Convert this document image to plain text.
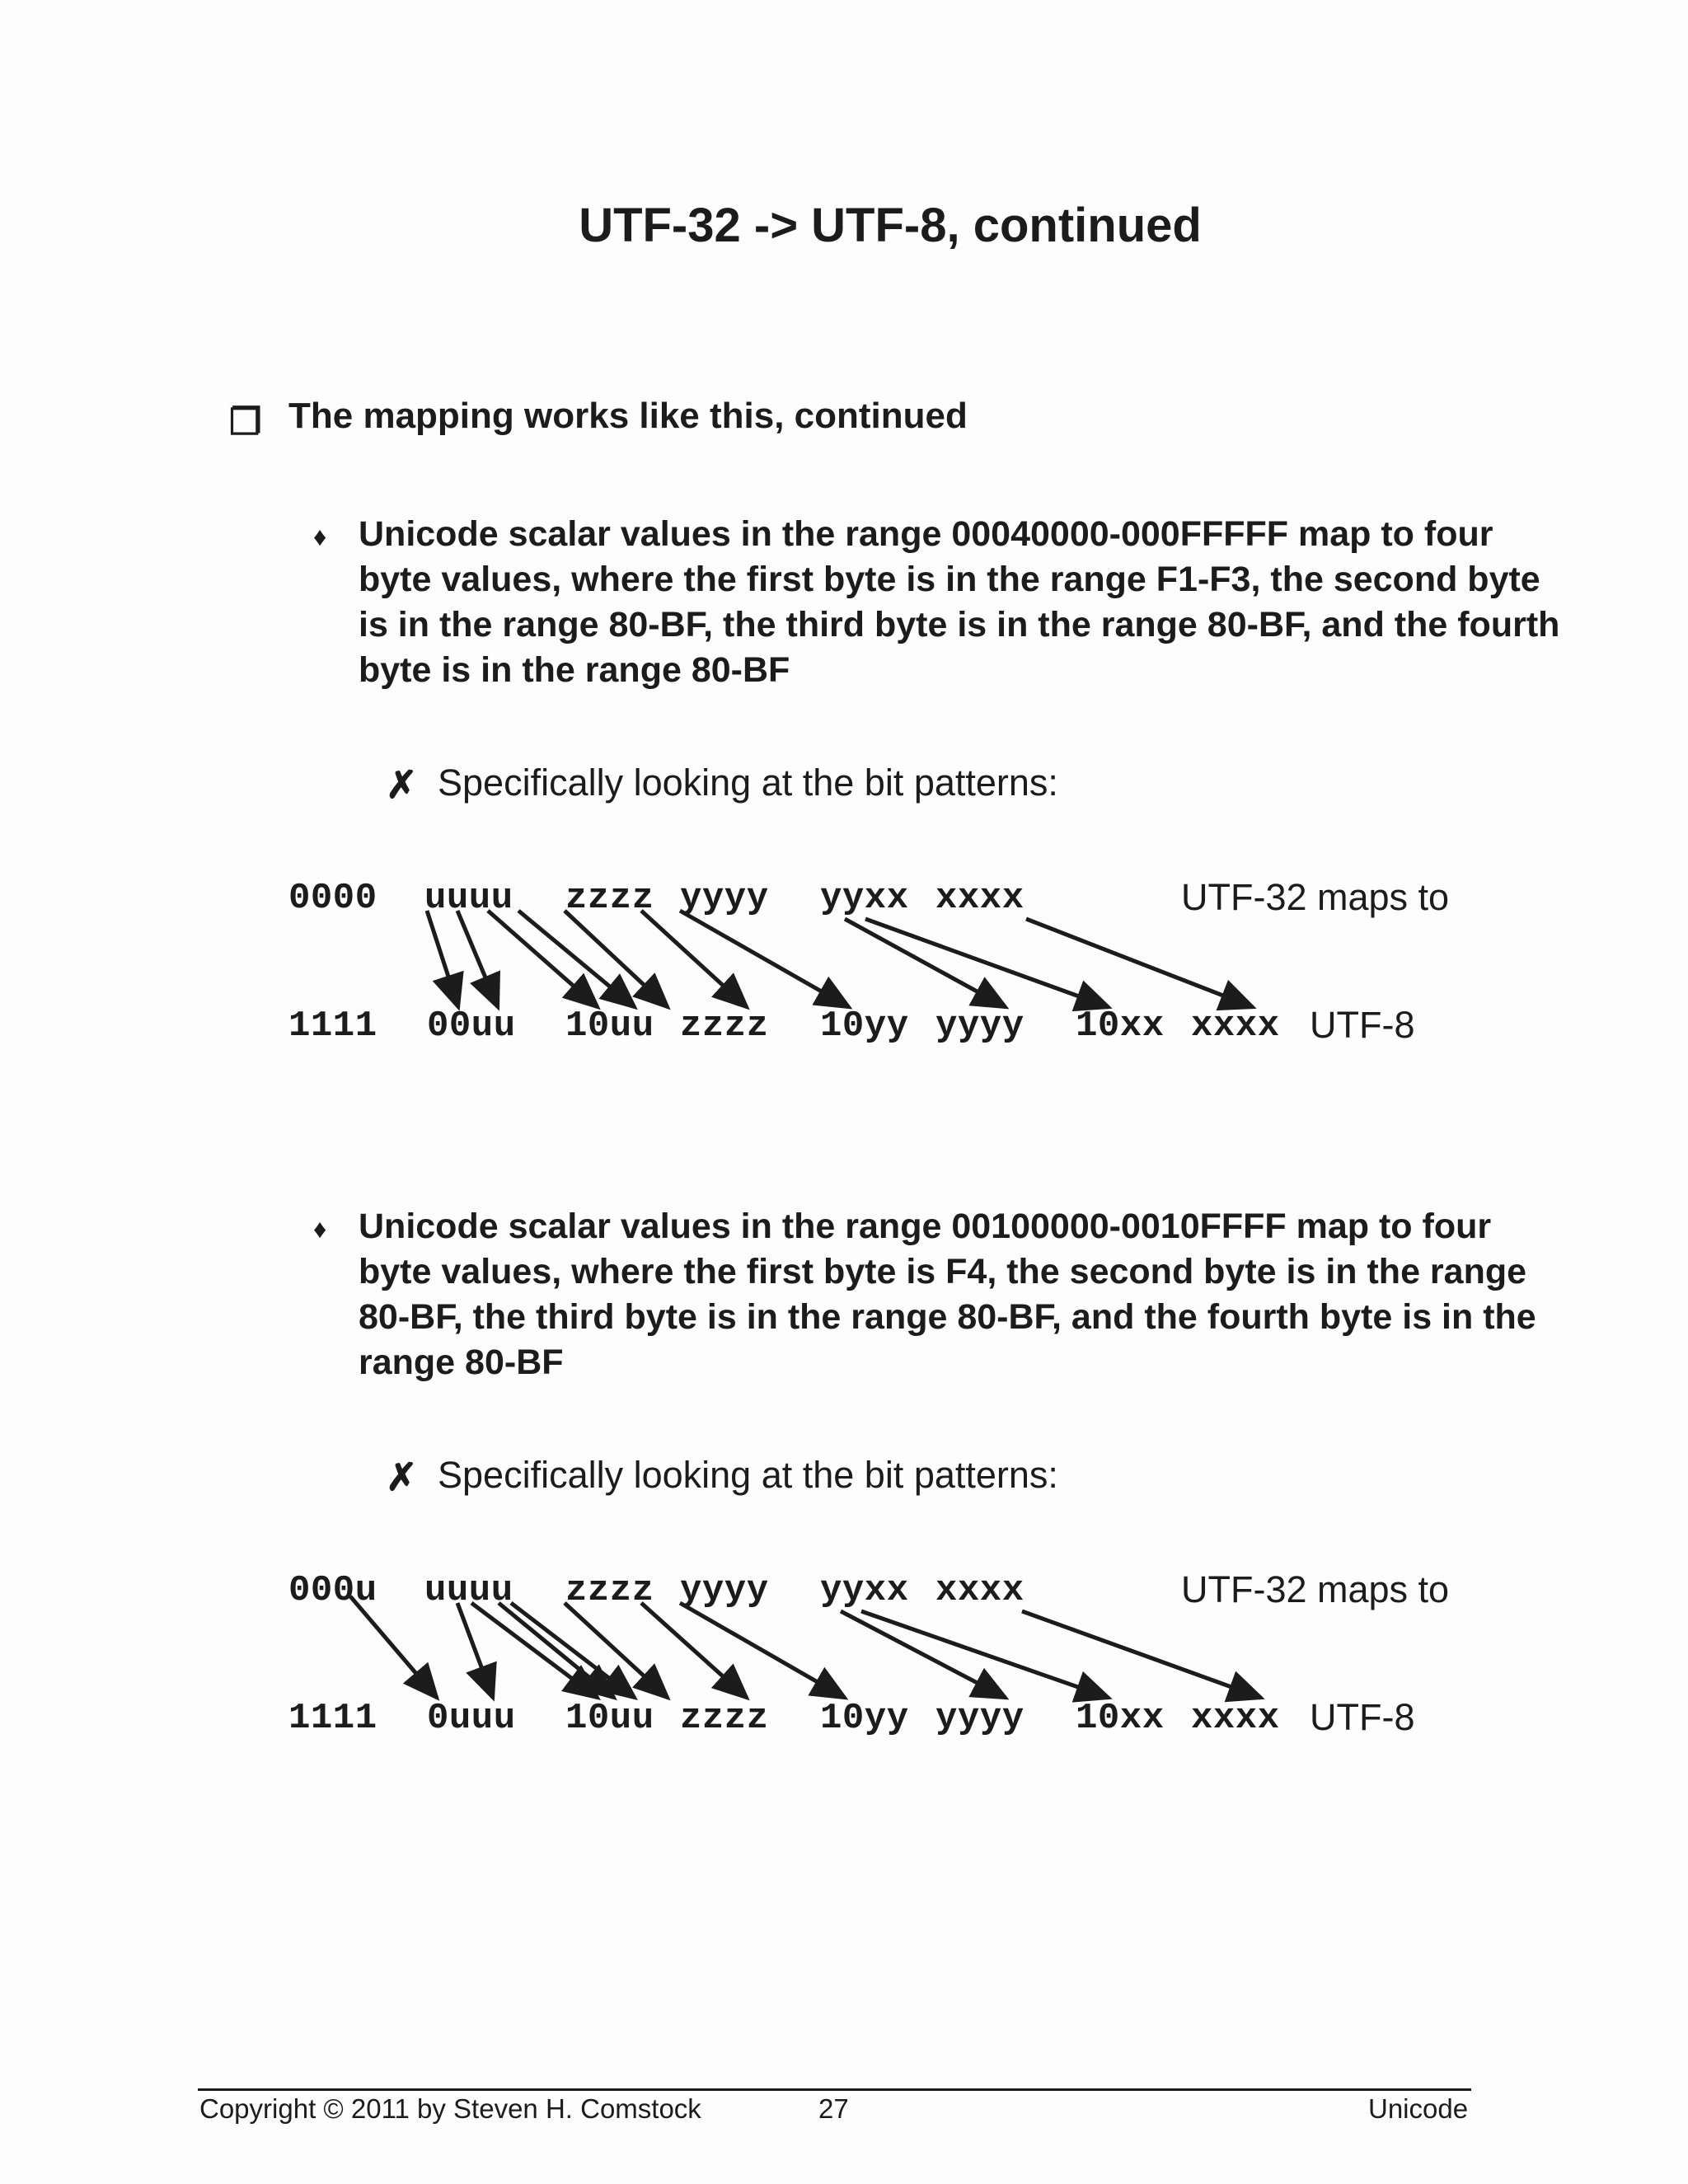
UTF-32 -> UTF-8, continued
❐ The mapping works like this, continued
♦ Unicode scalar values in the range 00040000-000FFFFF map to four byte values, where the first byte is in the range F1-F3, the second byte is in the range 80-BF, the third byte is in the range 80-BF, and the fourth byte is in the range 80-BF
✗ Specifically looking at the bit patterns:
0000 uuuu zzzz yyyy yyxx xxxx	UTF-32 maps to
1111 00uu 10uu zzzz 10yy yyyy 10xx xxxx UTF-8
♦ Unicode scalar values in the range 00100000-0010FFFF map to four byte values, where the first byte is F4, the second byte is in the range 80-BF, the third byte is in the range 80-BF, and the fourth byte is in the range 80-BF
✗ Specifically looking at the bit patterns:
000u uuuu zzzz yyyy yyxx xxxx	UTF-32 maps to
1111 0uuu 10uu zzzz 10yy yyyy 10xx xxxx UTF-8
Copyright © 2011 by Steven H. Comstock	27	Unicode
